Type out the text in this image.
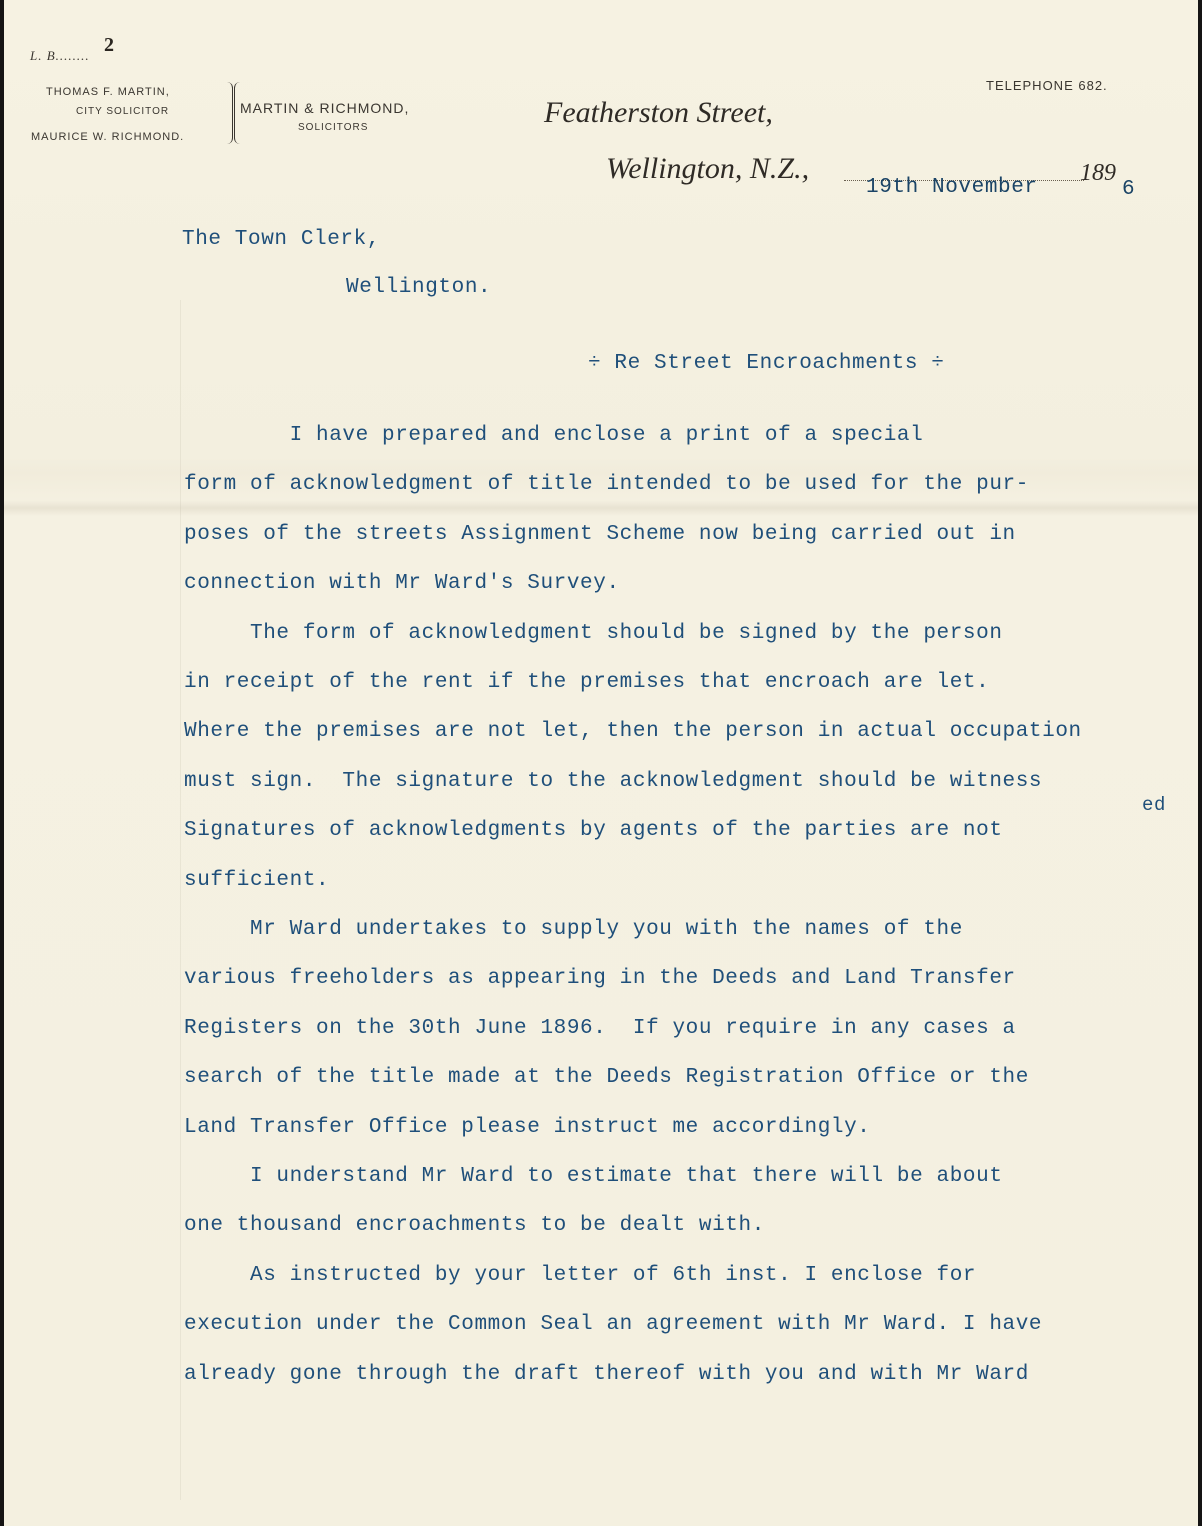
L. B........ 2
THOMAS F. MARTIN,
CITY SOLICITOR
MAURICE W. RICHMOND.
MARTIN & RICHMOND,
SOLICITORS
TELEPHONE 682.
Featherston Street,
Wellington, N.Z.,	189
19th November	6
The Town Clerk,
Wellington.
÷ Re Street Encroachments ÷
I have prepared and enclose a print of a special
form of acknowledgment of title intended to be used for the pur-
poses of the streets Assignment Scheme now being carried out in
connection with Mr Ward's Survey.
The form of acknowledgment should be signed by the person
in receipt of the rent if the premises that encroach are let.
Where the premises are not let, then the person in actual occupation
must sign.  The signature to the acknowledgment should be witness
Signatures of acknowledgments by agents of the parties are not
sufficient.
Mr Ward undertakes to supply you with the names of the
various freeholders as appearing in the Deeds and Land Transfer
Registers on the 30th June 1896.  If you require in any cases a
search of the title made at the Deeds Registration Office or the
Land Transfer Office please instruct me accordingly.
I understand Mr Ward to estimate that there will be about
one thousand encroachments to be dealt with.
As instructed by your letter of 6th inst. I enclose for
execution under the Common Seal an agreement with Mr Ward. I have
already gone through the draft thereof with you and with Mr Ward
ed
